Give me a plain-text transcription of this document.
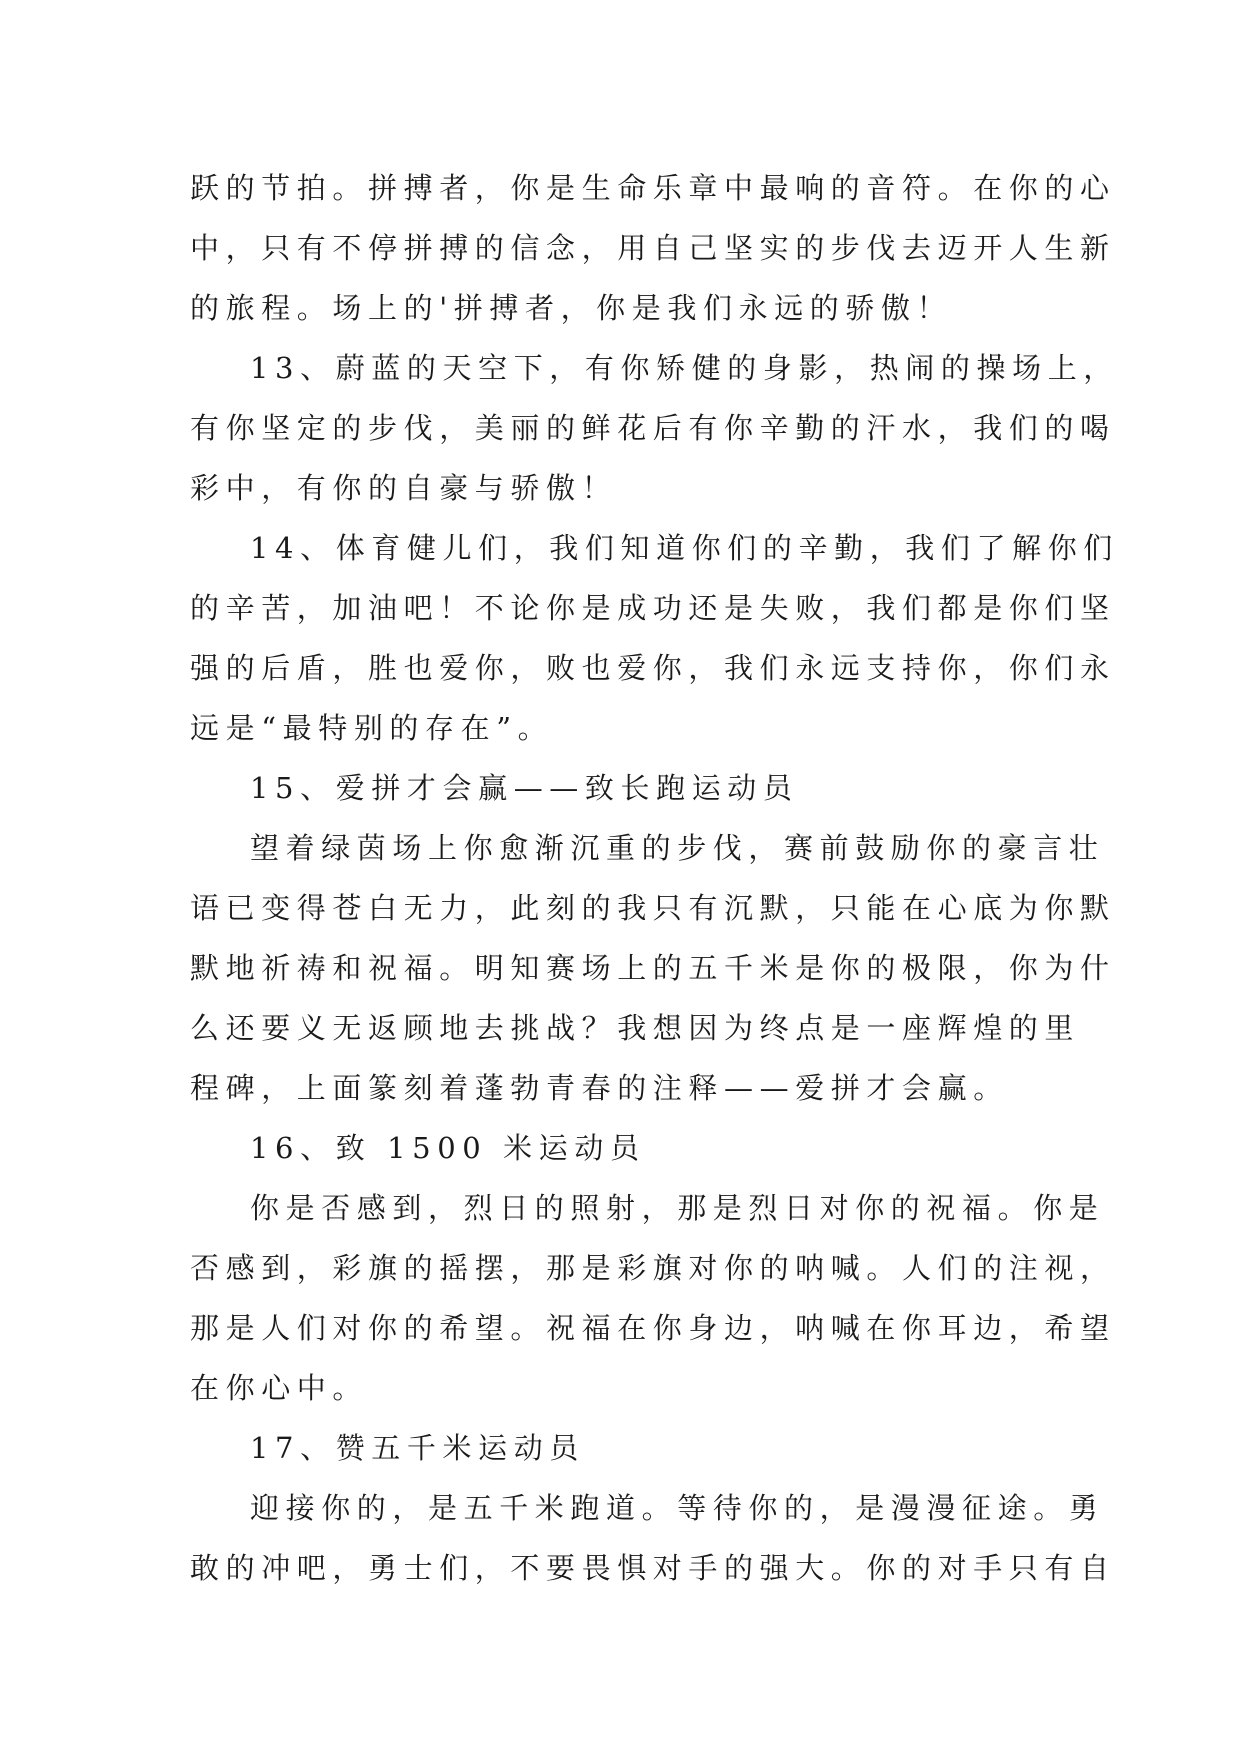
跃的节拍。拼搏者，你是生命乐章中最响的音符。在你的心
中，只有不停拼搏的信念，用自己坚实的步伐去迈开人生新
的旅程。场上的'拼搏者，你是我们永远的骄傲！
13、蔚蓝的天空下，有你矫健的身影，热闹的操场上，
有你坚定的步伐，美丽的鲜花后有你辛勤的汗水，我们的喝
彩中，有你的自豪与骄傲！
14、体育健儿们，我们知道你们的辛勤，我们了解你们
的辛苦，加油吧！不论你是成功还是失败，我们都是你们坚
强的后盾，胜也爱你，败也爱你，我们永远支持你，你们永
远是“最特别的存在”。
15、爱拼才会赢——致长跑运动员
望着绿茵场上你愈渐沉重的步伐，赛前鼓励你的豪言壮
语已变得苍白无力，此刻的我只有沉默，只能在心底为你默
默地祈祷和祝福。明知赛场上的五千米是你的极限，你为什
么还要义无返顾地去挑战？我想因为终点是一座辉煌的里
程碑，上面篆刻着蓬勃青春的注释——爱拼才会赢。
16、致 1500 米运动员
你是否感到，烈日的照射，那是烈日对你的祝福。你是
否感到，彩旗的摇摆，那是彩旗对你的呐喊。人们的注视，
那是人们对你的希望。祝福在你身边，呐喊在你耳边，希望
在你心中。
17、赞五千米运动员
迎接你的，是五千米跑道。等待你的，是漫漫征途。勇
敢的冲吧，勇士们，不要畏惧对手的强大。你的对手只有自
